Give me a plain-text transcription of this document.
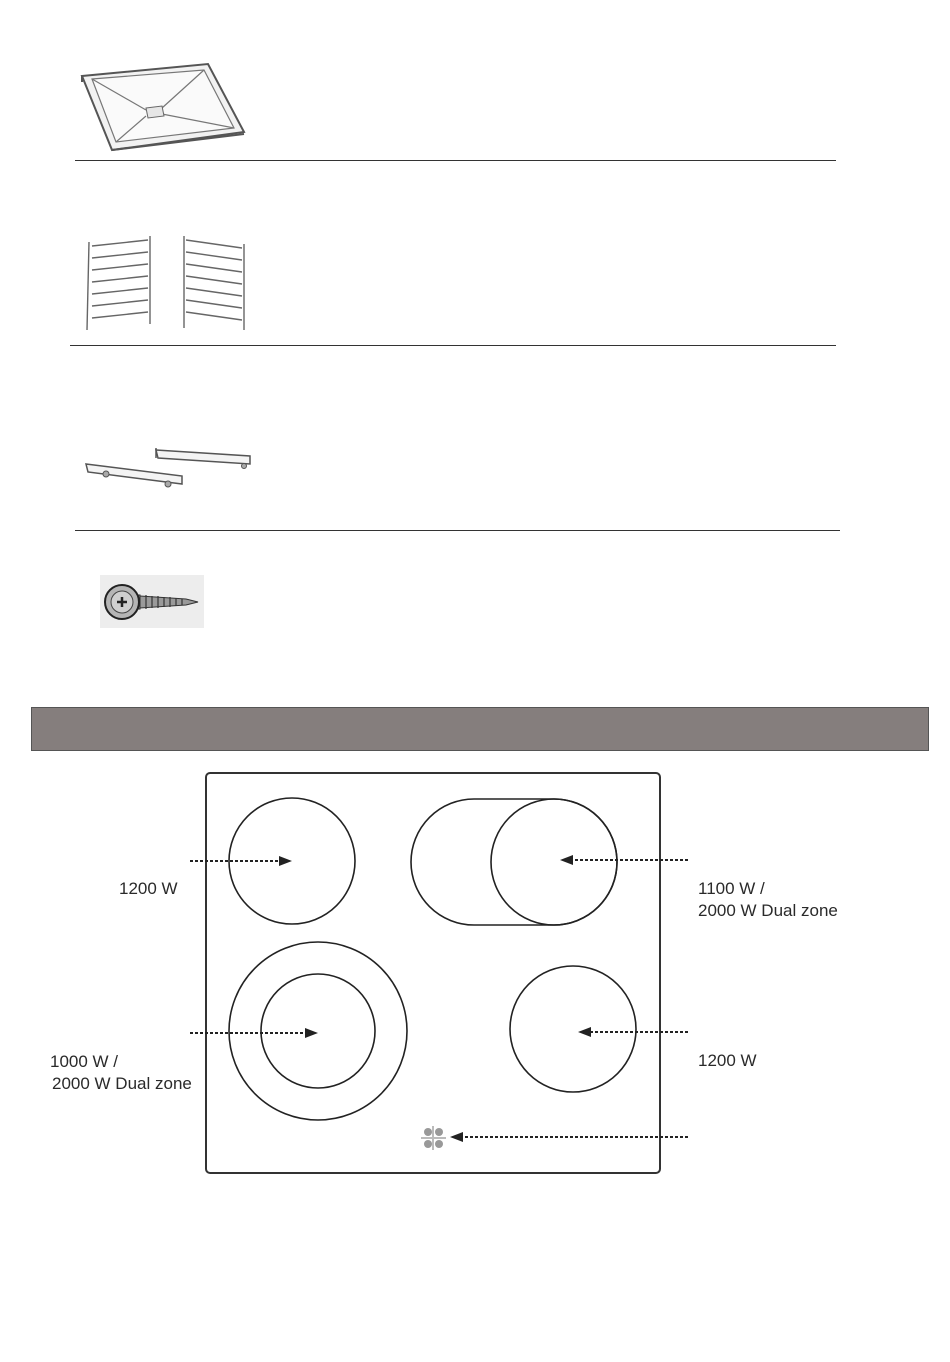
1200 W	1100 W /
2000 W Dual zone
1000 W /
2000 W Dual zone
1200 W
